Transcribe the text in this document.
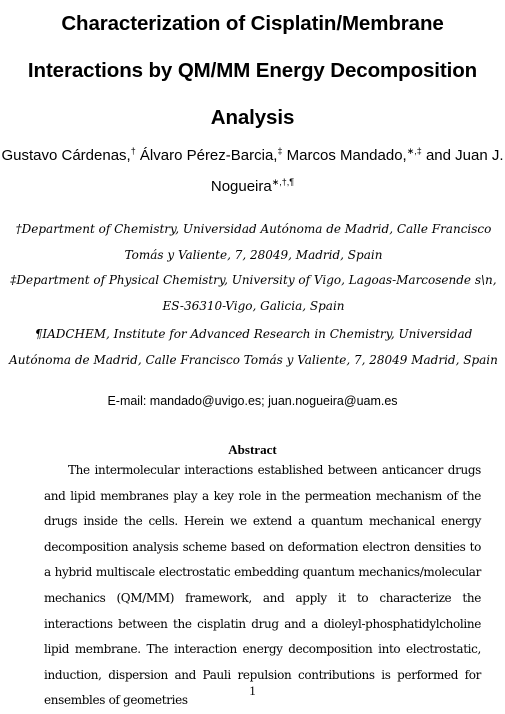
Characterization of Cisplatin/Membrane
Interactions by QM/MM Energy Decomposition
Analysis
Gustavo Cárdenas,† Álvaro Pérez-Barcia,‡ Marcos Mandado,∗,‡ and Juan J. Nogueira∗,†,¶
†Department of Chemistry, Universidad Autónoma de Madrid, Calle Francisco Tomás y Valiente, 7, 28049, Madrid, Spain
‡Department of Physical Chemistry, University of Vigo, Lagoas-Marcosende s\n, ES-36310-Vigo, Galicia, Spain
¶IADCHEM, Institute for Advanced Research in Chemistry, Universidad Autónoma de Madrid, Calle Francisco Tomás y Valiente, 7, 28049 Madrid, Spain
E-mail: mandado@uvigo.es; juan.nogueira@uam.es
Abstract

The intermolecular interactions established between anticancer drugs and lipid membranes play a key role in the permeation mechanism of the drugs inside the cells. Herein we extend a quantum mechanical energy decomposition analysis scheme based on deformation electron densities to a hybrid multiscale electrostatic embedding quantum mechanics/molecular mechanics (QM/MM) framework, and apply it to characterize the interactions between the cisplatin drug and a dioleyl-phosphatidylcholine lipid membrane. The interaction energy decomposition into electrostatic, induction, dispersion and Pauli repulsion contributions is performed for ensembles of geometries

1
